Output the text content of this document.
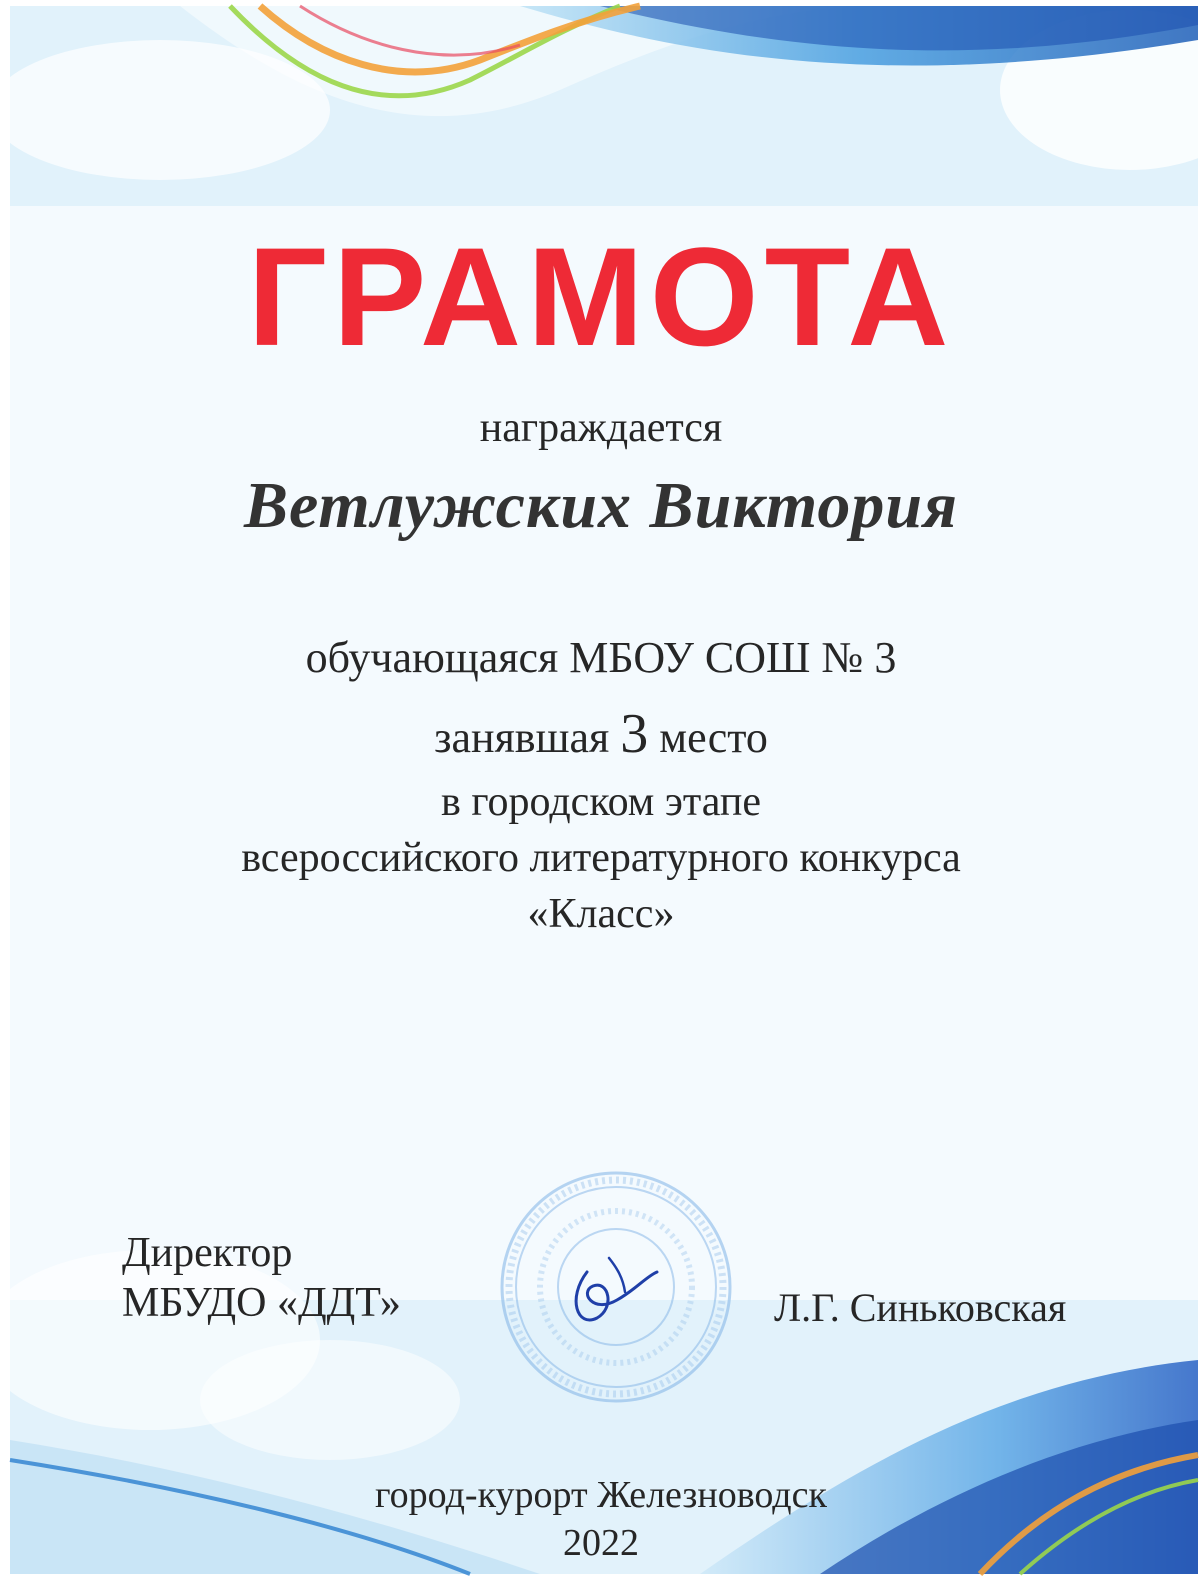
ГРАМОТА
награждается
Ветлужских Виктория
обучающаяся МБОУ СОШ № 3
занявшая 3 место
в городском этапе
всероссийского литературного конкурса
«Класс»
Директор
МБУДО «ДДТ»	Л.Г. Синьковская
город-курорт Железноводск
2022
